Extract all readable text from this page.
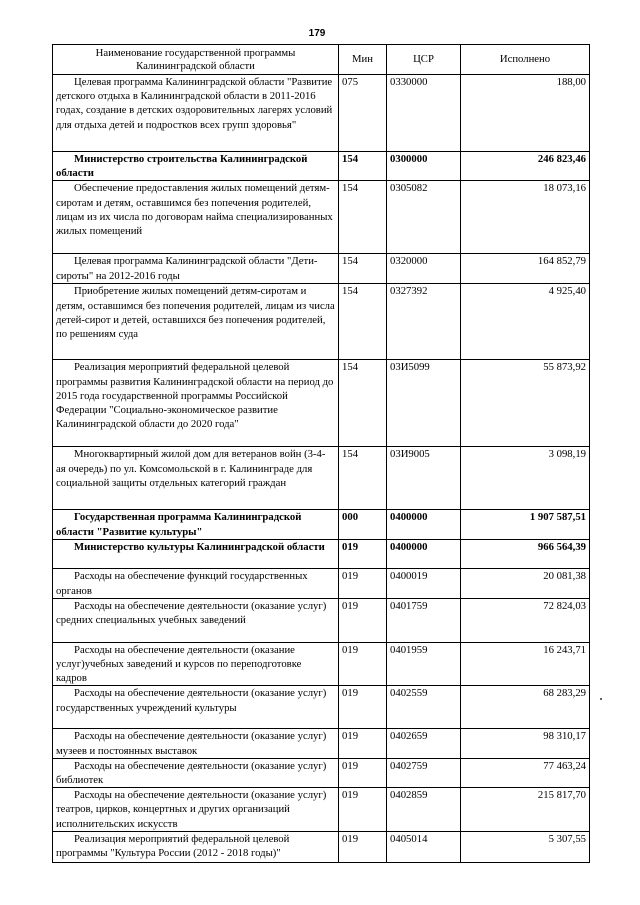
179
Наименование государственной программы Калининградской области	Мин	ЦСР	Исполнено
Целевая программа Калининградской области "Развитие детского отдыха в Калининградской области в 2011-2016 годах, создание в детских оздоровительных лагерях условий для отдыха детей и подростков всех групп здоровья"	075	0330000	188,00
Министерство строительства Калининградской области	154	0300000	246 823,46
Обеспечение предоставления жилых помещений детям-сиротам и детям, оставшимся без попечения родителей, лицам из их числа по договорам найма специализированных жилых помещений	154	0305082	18 073,16
Целевая программа Калининградской области "Дети-сироты" на 2012-2016 годы	154	0320000	164 852,79
Приобретение жилых помещений детям-сиротам и детям, оставшимся без попечения родителей, лицам из числа детей-сирот и детей, оставшихся без попечения родителей, по решениям суда	154	0327392	4 925,40
Реализация мероприятий федеральной целевой программы развития Калининградской области на период до 2015 года государственной программы Российской Федерации "Социально-экономическое развитие Калининградской области до 2020 года"	154	03И5099	55 873,92
Многоквартирный жилой дом для ветеранов войн (3-4-ая очередь) по ул. Комсомольской в г. Калининграде для социальной защиты отдельных категорий граждан	154	03И9005	3 098,19
Государственная программа Калининградской области "Развитие культуры"	000	0400000	1 907 587,51
Министерство культуры Калининградской области	019	0400000	966 564,39
Расходы на обеспечение функций государственных органов	019	0400019	20 081,38
Расходы на обеспечение деятельности (оказание услуг) средних специальных учебных заведений	019	0401759	72 824,03
Расходы на обеспечение деятельности (оказание услуг)учебных заведений и курсов по переподготовке кадров	019	0401959	16 243,71
Расходы на обеспечение деятельности (оказание услуг) государственных учреждений культуры	019	0402559	68 283,29
Расходы на обеспечение деятельности (оказание услуг) музеев и постоянных выставок	019	0402659	98 310,17
Расходы на обеспечение деятельности (оказание услуг) библиотек	019	0402759	77 463,24
Расходы на обеспечение деятельности (оказание услуг) театров, цирков, концертных и других организаций исполнительских искусств	019	0402859	215 817,70
Реализация мероприятий федеральной целевой программы "Культура России (2012 - 2018 годы)"	019	0405014	5 307,55
